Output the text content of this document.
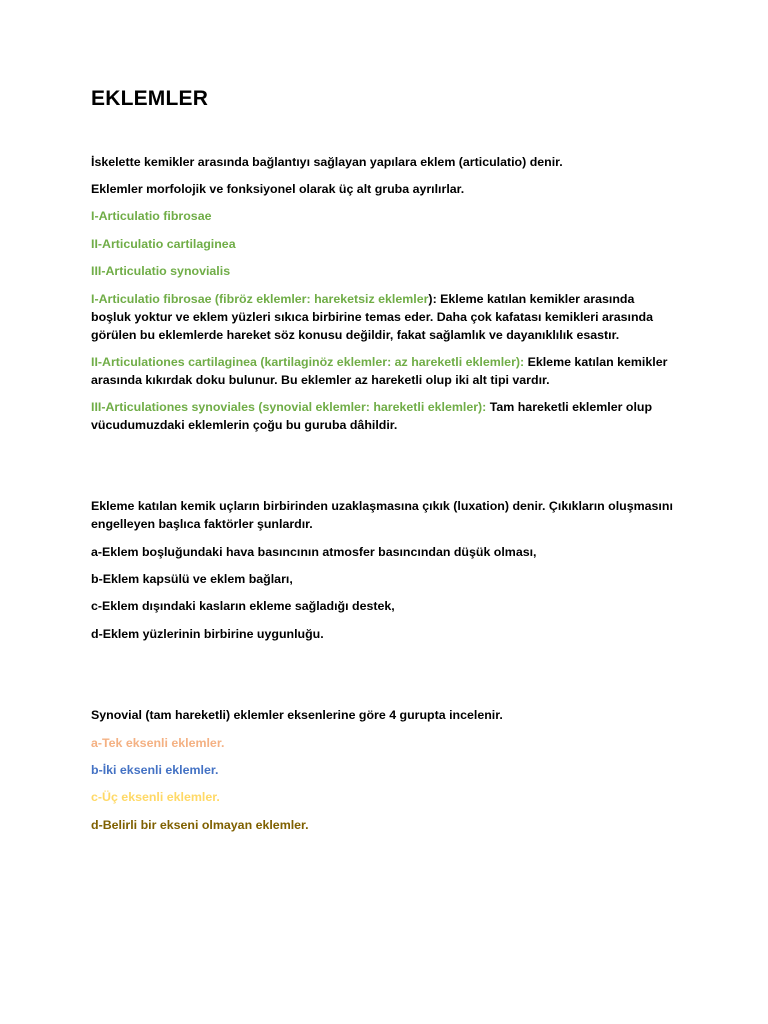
EKLEMLER

İskelette kemikler arasında bağlantıyı sağlayan yapılara eklem (articulatio) denir.

Eklemler morfolojik ve fonksiyonel olarak üç alt gruba ayrılırlar.

I-Articulatio fibrosae

II-Articulatio cartilaginea

III-Articulatio synovialis

I-Articulatio fibrosae (fibröz eklemler: hareketsiz eklemler): Ekleme katılan kemikler arasında

boşluk yoktur ve eklem yüzleri sıkıca birbirine temas eder. Daha çok kafatası kemikleri arasında

görülen bu eklemlerde hareket söz konusu değildir, fakat sağlamlık ve dayanıklılık esastır.

II-Articulationes cartilaginea (kartilaginöz eklemler: az hareketli eklemler): Ekleme katılan kemikler

arasında kıkırdak doku bulunur. Bu eklemler az hareketli olup iki alt tipi vardır.

III-Articulationes synoviales (synovial eklemler: hareketli eklemler): Tam hareketli eklemler olup

vücudumuzdaki eklemlerin çoğu bu guruba dâhildir.

Ekleme katılan kemik uçların birbirinden uzaklaşmasına çıkık (luxation) denir. Çıkıkların oluşmasını

engelleyen başlıca faktörler şunlardır.

a-Eklem boşluğundaki hava basıncının atmosfer basıncından düşük olması,

b-Eklem kapsülü ve eklem bağları,

c-Eklem dışındaki kasların ekleme sağladığı destek,

d-Eklem yüzlerinin birbirine uygunluğu.

Synovial (tam hareketli) eklemler eksenlerine göre 4 gurupta incelenir.

a-Tek eksenli eklemler.

b-İki eksenli eklemler.

c-Üç eksenli eklemler.

d-Belirli bir ekseni olmayan eklemler.
